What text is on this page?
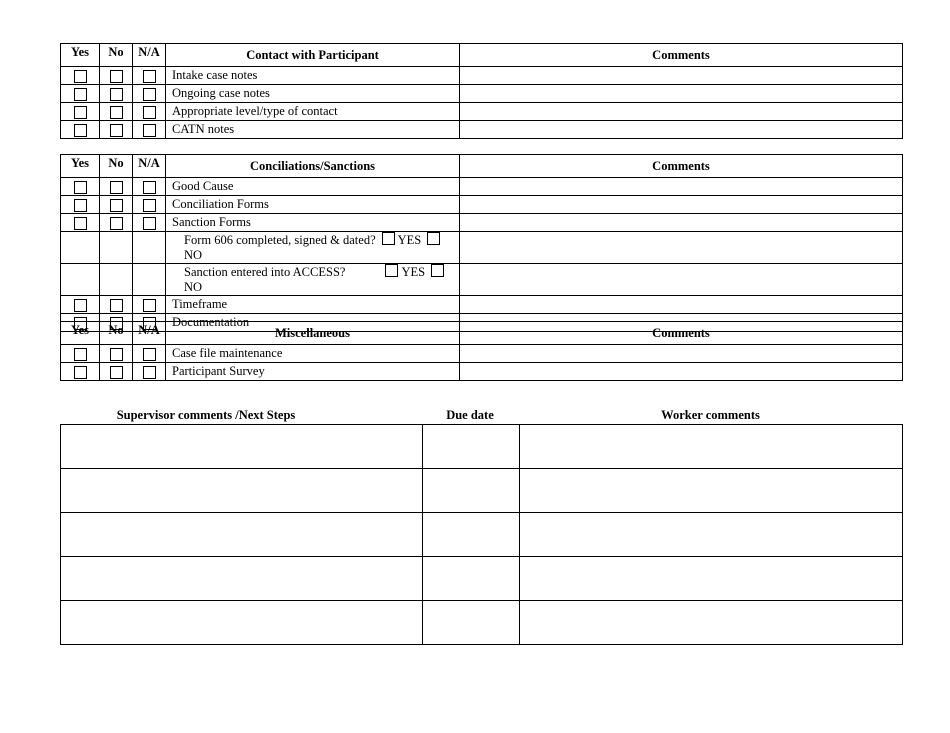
Yes	No	N/A	Contact with Participant	Comments
			Intake case notes	
			Ongoing case notes	
			Appropriate level/type of contact	
			CATN notes	
Yes	No	N/A	Conciliations/Sanctions	Comments
			Good Cause	
			Conciliation Forms	
			Sanction Forms	
			Form 606 completed, signed & dated? YESNO	
			Sanction entered into ACCESS? YESNO	
			Timeframe	
			Documentation	
Yes	No	N/A	Miscellaneous	Comments
			Case file maintenance	
			Participant Survey	
Supervisor comments /Next Steps	Due date	Worker comments
